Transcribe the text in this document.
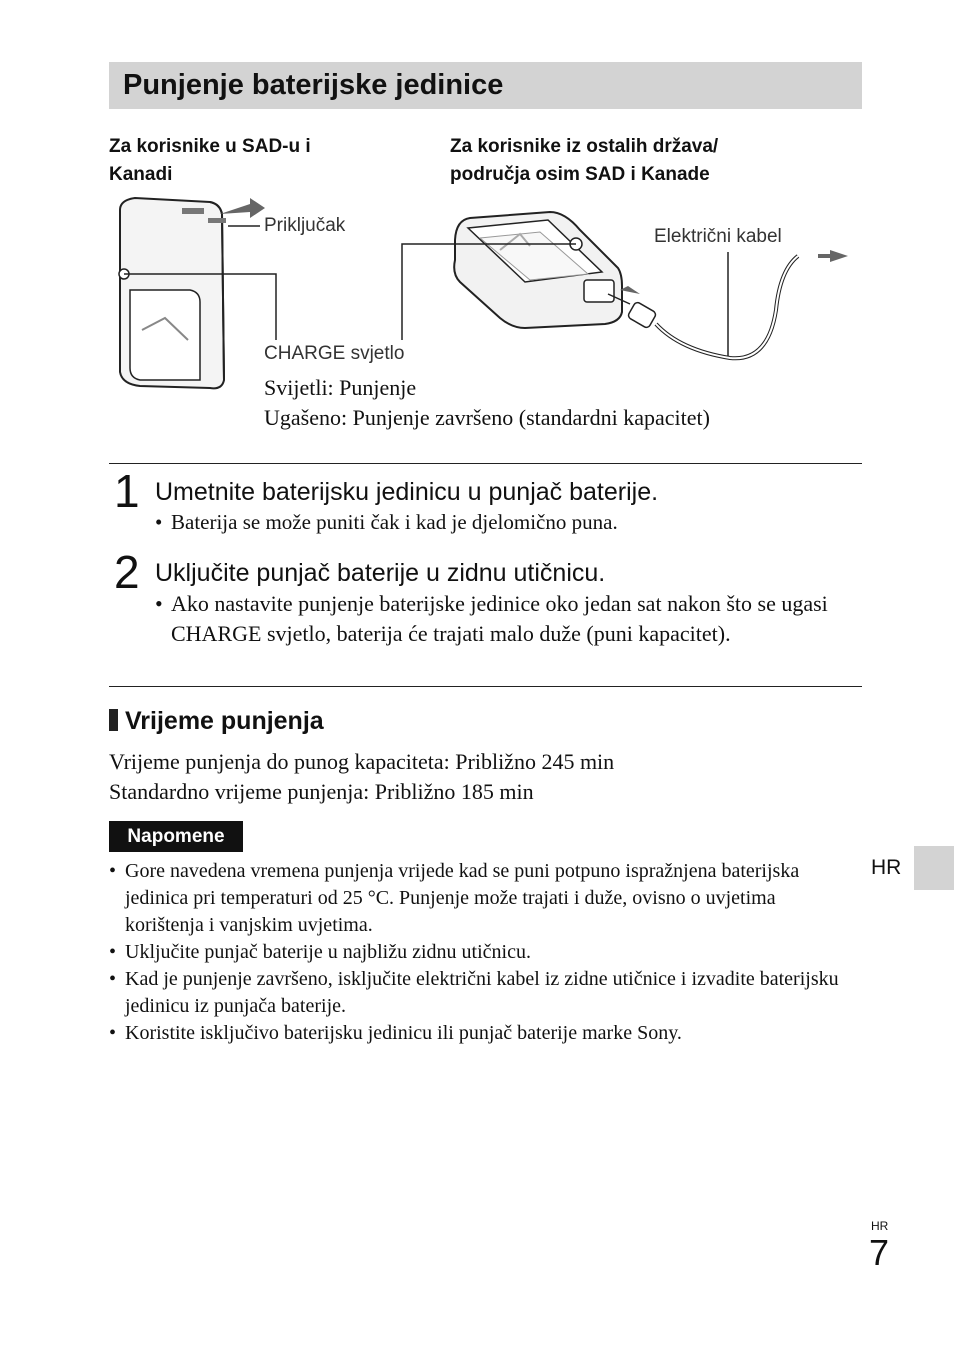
Punjenje baterijske jedinice
Za korisnike u SAD-u i
Kanadi
Za korisnike iz ostalih država/
područja osim SAD i Kanade
Priključak
Električni kabel
CHARGE svjetlo
Svijetli: Punjenje
Ugašeno: Punjenje završeno (standardni kapacitet)
1 Umetnite baterijsku jedinicu u punjač baterije.
• Baterija se može puniti čak i kad je djelomično puna.
2 Uključite punjač baterije u zidnu utičnicu.
• Ako nastavite punjenje baterijske jedinice oko jedan sat nakon što se ugasi CHARGE svjetlo, baterija će trajati malo duže (puni kapacitet).
Vrijeme punjenja
Vrijeme punjenja do punog kapaciteta: Približno 245 min
Standardno vrijeme punjenja: Približno 185 min
Napomene
• Gore navedena vremena punjenja vrijede kad se puni potpuno ispražnjena baterijska jedinica pri temperaturi od 25 °C. Punjenje može trajati i duže, ovisno o uvjetima korištenja i vanjskim uvjetima.
• Uključite punjač baterije u najbližu zidnu utičnicu.
• Kad je punjenje završeno, isključite električni kabel iz zidne utičnice i izvadite baterijsku jedinicu iz punjača baterije.
• Koristite isključivo baterijsku jedinicu ili punjač baterije marke Sony.
HR
HR
7
